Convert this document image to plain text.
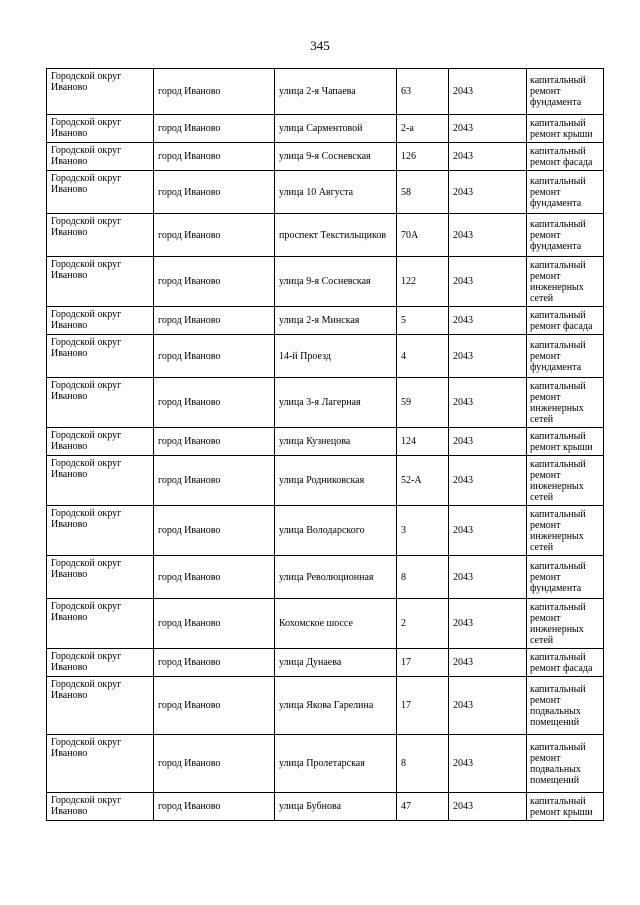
345
Городской округ Иваново	город Иваново	улица 2-я Чапаева	63	2043	капитальный ремонт фундамента
Городской округ Иваново	город Иваново	улица Сарментовой	2-а	2043	капитальный ремонт крыши
Городской округ Иваново	город Иваново	улица 9-я Сосневская	126	2043	капитальный ремонт фасада
Городской округ Иваново	город Иваново	улица 10 Августа	58	2043	капитальный ремонт фундамента
Городской округ Иваново	город Иваново	проспект Текстильщиков	70А	2043	капитальный ремонт фундамента
Городской округ Иваново	город Иваново	улица 9-я Сосневская	122	2043	капитальный ремонт инженерных сетей
Городской округ Иваново	город Иваново	улица 2-я Минская	5	2043	капитальный ремонт фасада
Городской округ Иваново	город Иваново	14-й Проезд	4	2043	капитальный ремонт фундамента
Городской округ Иваново	город Иваново	улица 3-я Лагерная	59	2043	капитальный ремонт инженерных сетей
Городской округ Иваново	город Иваново	улица Кузнецова	124	2043	капитальный ремонт крыши
Городской округ Иваново	город Иваново	улица Родниковская	52-А	2043	капитальный ремонт инженерных сетей
Городской округ Иваново	город Иваново	улица Володарского	3	2043	капитальный ремонт инженерных сетей
Городской округ Иваново	город Иваново	улица Революционная	8	2043	капитальный ремонт фундамента
Городской округ Иваново	город Иваново	Кохомское шоссе	2	2043	капитальный ремонт инженерных сетей
Городской округ Иваново	город Иваново	улица Дунаева	17	2043	капитальный ремонт фасада
Городской округ Иваново	город Иваново	улица Якова Гарелина	17	2043	капитальный ремонт подвальных помещений
Городской округ Иваново	город Иваново	улица Пролетарская	8	2043	капитальный ремонт подвальных помещений
Городской округ Иваново	город Иваново	улица Бубнова	47	2043	капитальный ремонт крыши
